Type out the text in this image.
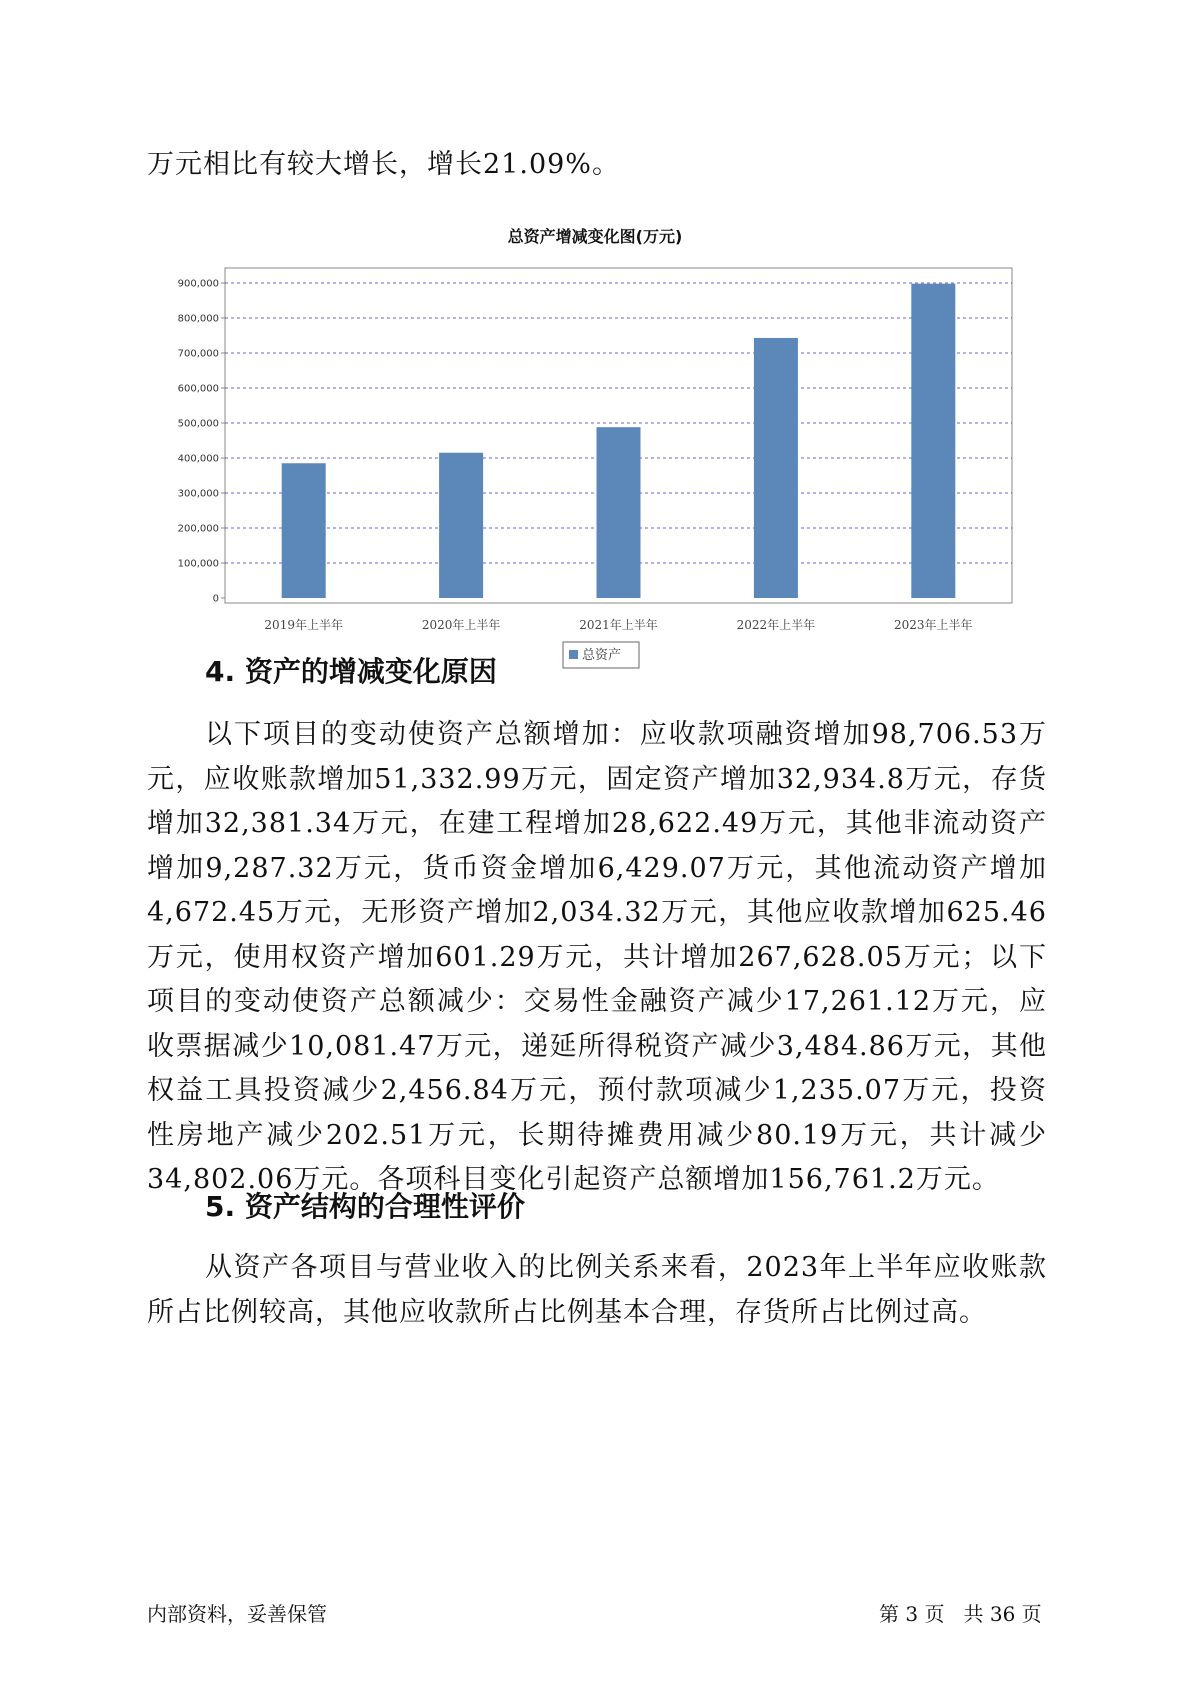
万元相比有较大增长，增长21.09%。

总资产增减变化图(万元)
0
100,000
200,000
300,000
400,000
500,000
600,000
700,000
800,000
900,000
2019年上半年	2020年上半年	2021年上半年	2022年上半年	2023年上半年
总资产
4. 资产的增减变化原因

以下项目的变动使资产总额增加：应收款项融资增加98,706.53万元，应收账款增加51,332.99万元，固定资产增加32,934.8万元，存货增加32,381.34万元，在建工程增加28,622.49万元，其他非流动资产增加9,287.32万元，货币资金增加6,429.07万元，其他流动资产增加4,672.45万元，无形资产增加2,034.32万元，其他应收款增加625.46万元，使用权资产增加601.29万元，共计增加267,628.05万元；以下项目的变动使资产总额减少：交易性金融资产减少17,261.12万元，应收票据减少10,081.47万元，递延所得税资产减少3,484.86万元，其他权益工具投资减少2,456.84万元，预付款项减少1,235.07万元，投资性房地产减少202.51万元，长期待摊费用减少80.19万元，共计减少34,802.06万元。各项科目变化引起资产总额增加156,761.2万元。

5. 资产结构的合理性评价

从资产各项目与营业收入的比例关系来看，2023年上半年应收账款所占比例较高，其他应收款所占比例基本合理，存货所占比例过高。

内部资料，妥善保管	第 3 页   共 36 页
